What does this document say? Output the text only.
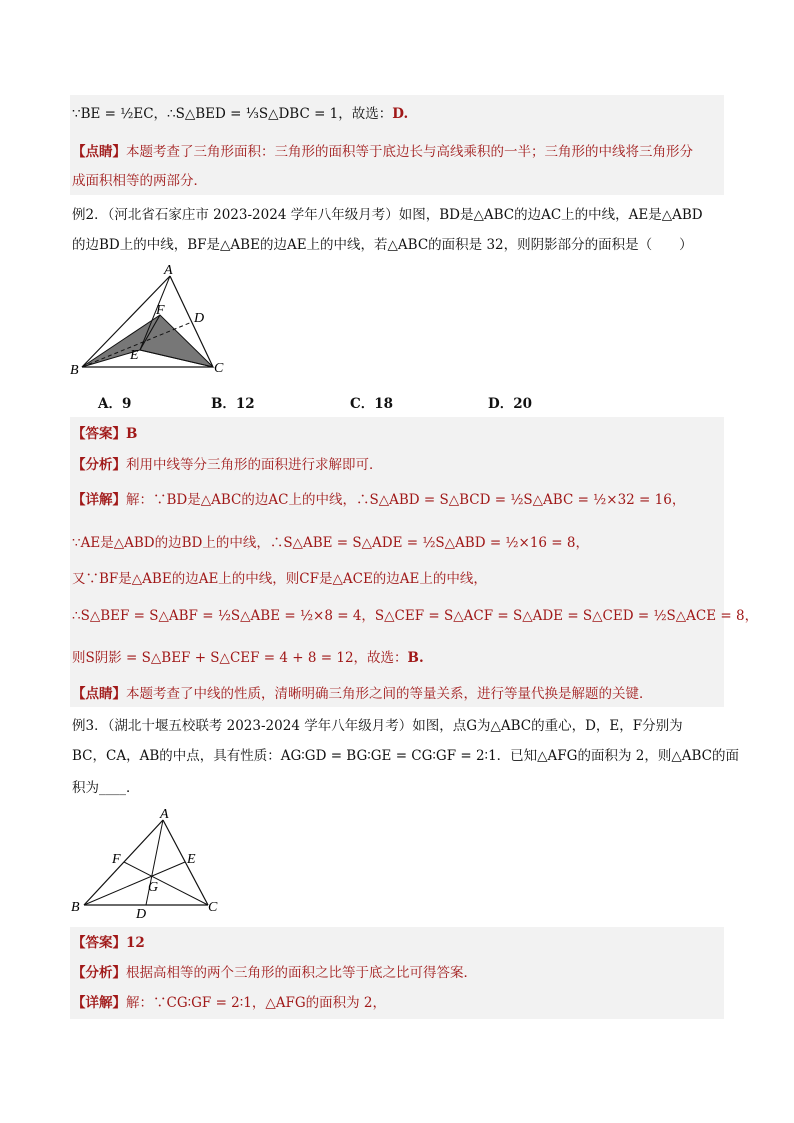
∵BE = ½EC，∴S△BED = ⅓S△DBC = 1，故选：D.
【点睛】本题考查了三角形面积：三角形的面积等于底边长与高线乘积的一半；三角形的中线将三角形分
成面积相等的两部分．
例2．（河北省石家庄市 2023-2024 学年八年级月考）如图，BD是△ABC的边AC上的中线，AE是△ABD
的边BD上的中线，BF是△ABE的边AE上的中线，若△ABC的面积是 32，则阴影部分的面积是（　　）
A
B	C
D
E
F
A．9	B．12	C．18	D．20
【答案】B
【分析】利用中线等分三角形的面积进行求解即可．
【详解】解：∵BD是△ABC的边AC上的中线，∴S△ABD = S△BCD = ½S△ABC = ½×32 = 16，
∵AE是△ABD的边BD上的中线，∴S△ABE = S△ADE = ½S△ABD = ½×16 = 8，
又∵BF是△ABE的边AE上的中线，则CF是△ACE的边AE上的中线，
∴S△BEF = S△ABF = ½S△ABE = ½×8 = 4，S△CEF = S△ACF = S△ADE = S△CED = ½S△ACE = 8，
则S阴影 = S△BEF + S△CEF = 4 + 8 = 12，故选：B.
【点睛】本题考查了中线的性质，清晰明确三角形之间的等量关系，进行等量代换是解题的关键．
例3．（湖北十堰五校联考 2023-2024 学年八年级月考）如图，点G为△ABC的重心，D，E，F分别为
BC，CA，AB的中点，具有性质：AG∶GD = BG∶GE = CG∶GF = 2∶1．已知△AFG的面积为 2，则△ABC的面
积为____．
A
B	C
D
E
F
G
【答案】12
【分析】根据高相等的两个三角形的面积之比等于底之比可得答案．
【详解】解：∵CG∶GF = 2∶1，△AFG的面积为 2，
